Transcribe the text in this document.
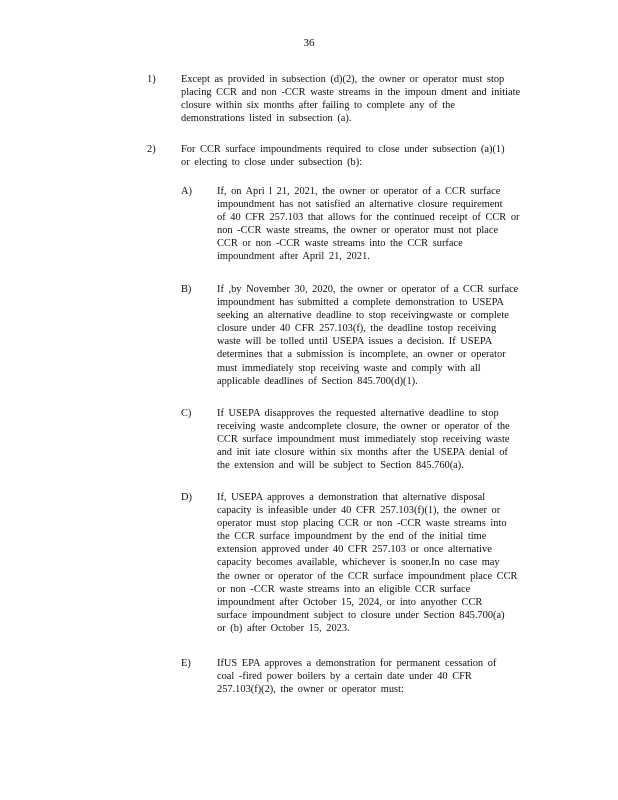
36
1) Except as provided in subsection (d)(2), the owner or operator must stop
placing CCR and non -CCR waste streams in the impoun dment and initiate
closure within six months after failing to complete any of the
demonstrations listed in subsection (a).
2) For CCR surface impoundments required to close under subsection (a)(1)
or electing to close under subsection (b):
A) If, on Apri l 21, 2021, the owner or operator of a CCR surface
impoundment has not satisfied an alternative closure requirement
of 40 CFR 257.103 that allows for the continued receipt of CCR or
non -CCR waste streams, the owner or operator must not place
CCR or non -CCR waste streams into the CCR surface
impoundment after April 21, 2021.
B) If ,by November 30, 2020, the owner or operator of a CCR surface
impoundment has submitted a complete demonstration to USEPA
seeking an alternative deadline to stop receivingwaste or complete
closure under 40 CFR 257.103(f), the deadline tostop receiving
waste will be tolled until USEPA issues a decision. If USEPA
determines that a submission is incomplete, an owner or operator
must immediately stop receiving waste and comply with all
applicable deadlines of Section 845.700(d)(1).
C) If USEPA disapproves the requested alternative deadline to stop
receiving waste andcomplete closure, the owner or operator of the
CCR surface impoundment must immediately stop receiving waste
and init iate closure within six months after the USEPA denial of
the extension and will be subject to Section 845.760(a).
D) If, USEPA approves a demonstration that alternative disposal
capacity is infeasible under 40 CFR 257.103(f)(1), the owner or
operator must stop placing CCR or non -CCR waste streams into
the CCR surface impoundment by the end of the initial time
extension approved under 40 CFR 257.103 or once alternative
capacity becomes available, whichever is sooner.In no case may
the owner or operator of the CCR surface impoundment place CCR
or non -CCR waste streams into an eligible CCR surface
impoundment after October 15, 2024, or into anyother CCR
surface impoundment subject to closure under Section 845.700(a)
or (b) after October 15, 2023.
E)	IfUS EPA approves a demonstration for permanent cessation of
coal -fired power boilers by a certain date under 40 CFR
257.103(f)(2), the owner or operator must:
